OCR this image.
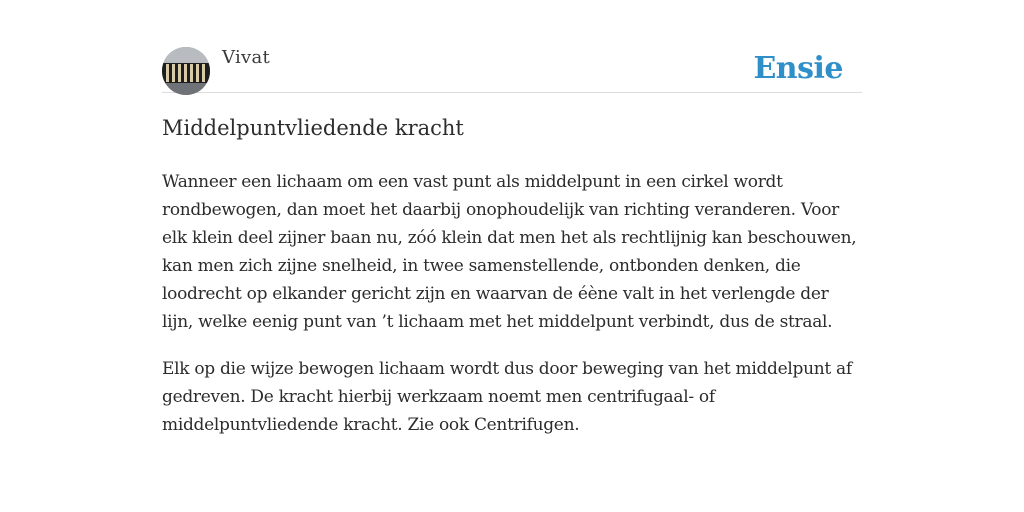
Vivat	Ensie
Middelpuntvliedende kracht

Wanneer een lichaam om een vast punt als middelpunt in een cirkel wordt rondbewogen, dan moet het daarbij onophoudelijk van richting veranderen. Voor elk klein deel zijner baan nu, zóó klein dat men het als rechtlijnig kan beschouwen, kan men zich zijne snelheid, in twee samenstellende, ontbonden denken, die loodrecht op elkander gericht zijn en waarvan de éène valt in het verlengde der lijn, welke eenig punt van ’t lichaam met het middelpunt verbindt, dus de straal.

Elk op die wijze bewogen lichaam wordt dus door beweging van het middelpunt af gedreven. De kracht hierbij werkzaam noemt men centrifugaal- of middelpuntvliedende kracht. Zie ook Centrifugen.
